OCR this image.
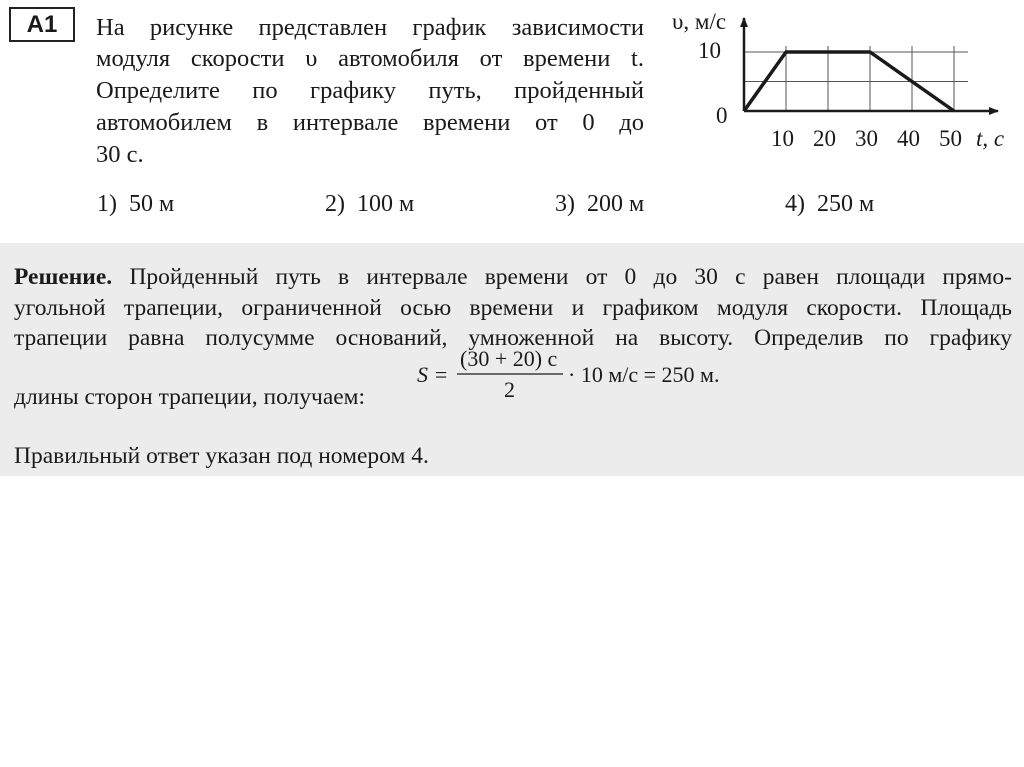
A1	На рисунке представлен график зависимости
модуля скорости υ автомобиля от времени t.
Определите по графику путь, пройденный
автомобилем в интервале времени от 0 до
30 с.
1) 50 м	2) 100 м	3) 200 м	4) 250 м
υ, м/с
10
0
10 20 30 40 50 t, с
Решение. Пройденный путь в интервале времени от 0 до 30 с равен площади прямо-
угольной трапеции, ограниченной осью времени и графиком модуля скорости. Площадь
трапеции равна полусумме оснований, умноженной на высоту. Определив по графику
длины сторон трапеции, получаем:
S =
(30 + 20) с
2
· 10 м/с = 250 м.
Правильный ответ указан под номером 4.
